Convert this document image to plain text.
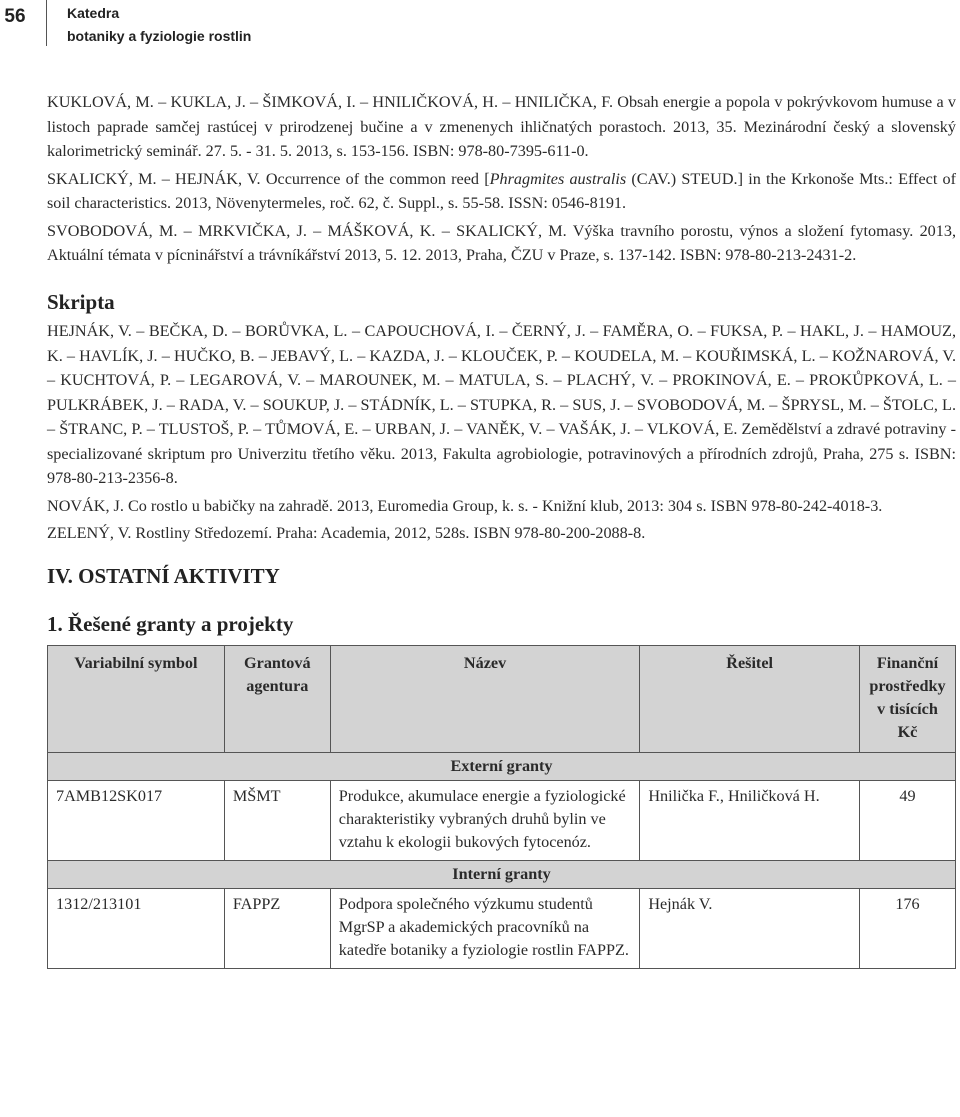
56	Katedra
botaniky a fyziologie rostlin

KUKLOVÁ, M. – KUKLA, J. – ŠIMKOVÁ, I. – HNILIČKOVÁ, H. – HNILIČKA, F. Obsah energie a popola v pokrývkovom humuse a v listoch paprade samčej rastúcej v prirodzenej bučine a v zmenenych ihličnatých porastoch. 2013, 35. Mezinárodní český a slovenský kalorimetrický seminář. 27. 5. - 31. 5. 2013, s. 153-156. ISBN: 978-80-7395-611-0.

SKALICKÝ, M. – HEJNÁK, V. Occurrence of the common reed [Phragmites australis (CAV.) STEUD.] in the Krkonoše Mts.: Effect of soil characteristics. 2013, Növenytermeles, roč. 62, č. Suppl., s. 55-58. ISSN: 0546-8191.

SVOBODOVÁ, M. – MRKVIČKA, J. – MÁŠKOVÁ, K. – SKALICKÝ, M. Výška travního porostu, výnos a složení fytomasy. 2013, Aktuální témata v pícninářství a trávníkářství 2013, 5. 12. 2013, Praha, ČZU v Praze, s. 137-142. ISBN: 978-80-213-2431-2.

Skripta

HEJNÁK, V. – BEČKA, D. – BORŮVKA, L. – CAPOUCHOVÁ, I. – ČERNÝ, J. – FAMĚRA, O. – FUKSA, P. – HAKL, J. – HAMOUZ, K. – HAVLÍK, J. – HUČKO, B. – JEBAVÝ, L. – KAZDA, J. – KLOUČEK, P. – KOUDELA, M. – KOUŘIMSKÁ, L. – KOŽNAROVÁ, V. – KUCHTOVÁ, P. – LEGAROVÁ, V. – MAROUNEK, M. – MATULA, S. – PLACHÝ, V. – PROKINOVÁ, E. – PROKŮPKOVÁ, L. – PULKRÁBEK, J. – RADA, V. – SOUKUP, J. – STÁDNÍK, L. – STUPKA, R. – SUS, J. – SVOBODOVÁ, M. – ŠPRYSL, M. – ŠTOLC, L. – ŠTRANC, P. – TLUSTOŠ, P. – TŮMOVÁ, E. – URBAN, J. – VANĚK, V. – VAŠÁK, J. – VLKOVÁ, E. Zemědělství a zdravé potraviny - specializované skriptum pro Univerzitu třetího věku. 2013, Fakulta agrobiologie, potravinových a přírodních zdrojů, Praha, 275 s. ISBN: 978-80-213-2356-8.

NOVÁK, J. Co rostlo u babičky na zahradě. 2013, Euromedia Group, k. s. - Knižní klub, 2013: 304 s. ISBN 978-80-242-4018-3.

ZELENÝ, V. Rostliny Středozemí. Praha: Academia, 2012, 528s. ISBN 978-80-200-2088-8.

IV. OSTATNÍ AKTIVITY
1. Řešené granty a projekty
Variabilní symbol	Grantová agentura	Název	Řešitel	Finanční prostředky v tisících Kč
Externí granty				
7AMB12SK017	MŠMT	Produkce, akumulace energie a fyziologické charakteristiky vybraných druhů bylin ve vztahu k ekologii bukových fytocenóz.	Hnilička F., Hniličková H.	49
Interní granty				
1312/213101	FAPPZ	Podpora společného výzkumu studentů MgrSP a akademických pracovníků na katedře botaniky a fyziologie rostlin FAPPZ.	Hejnák V.	176
